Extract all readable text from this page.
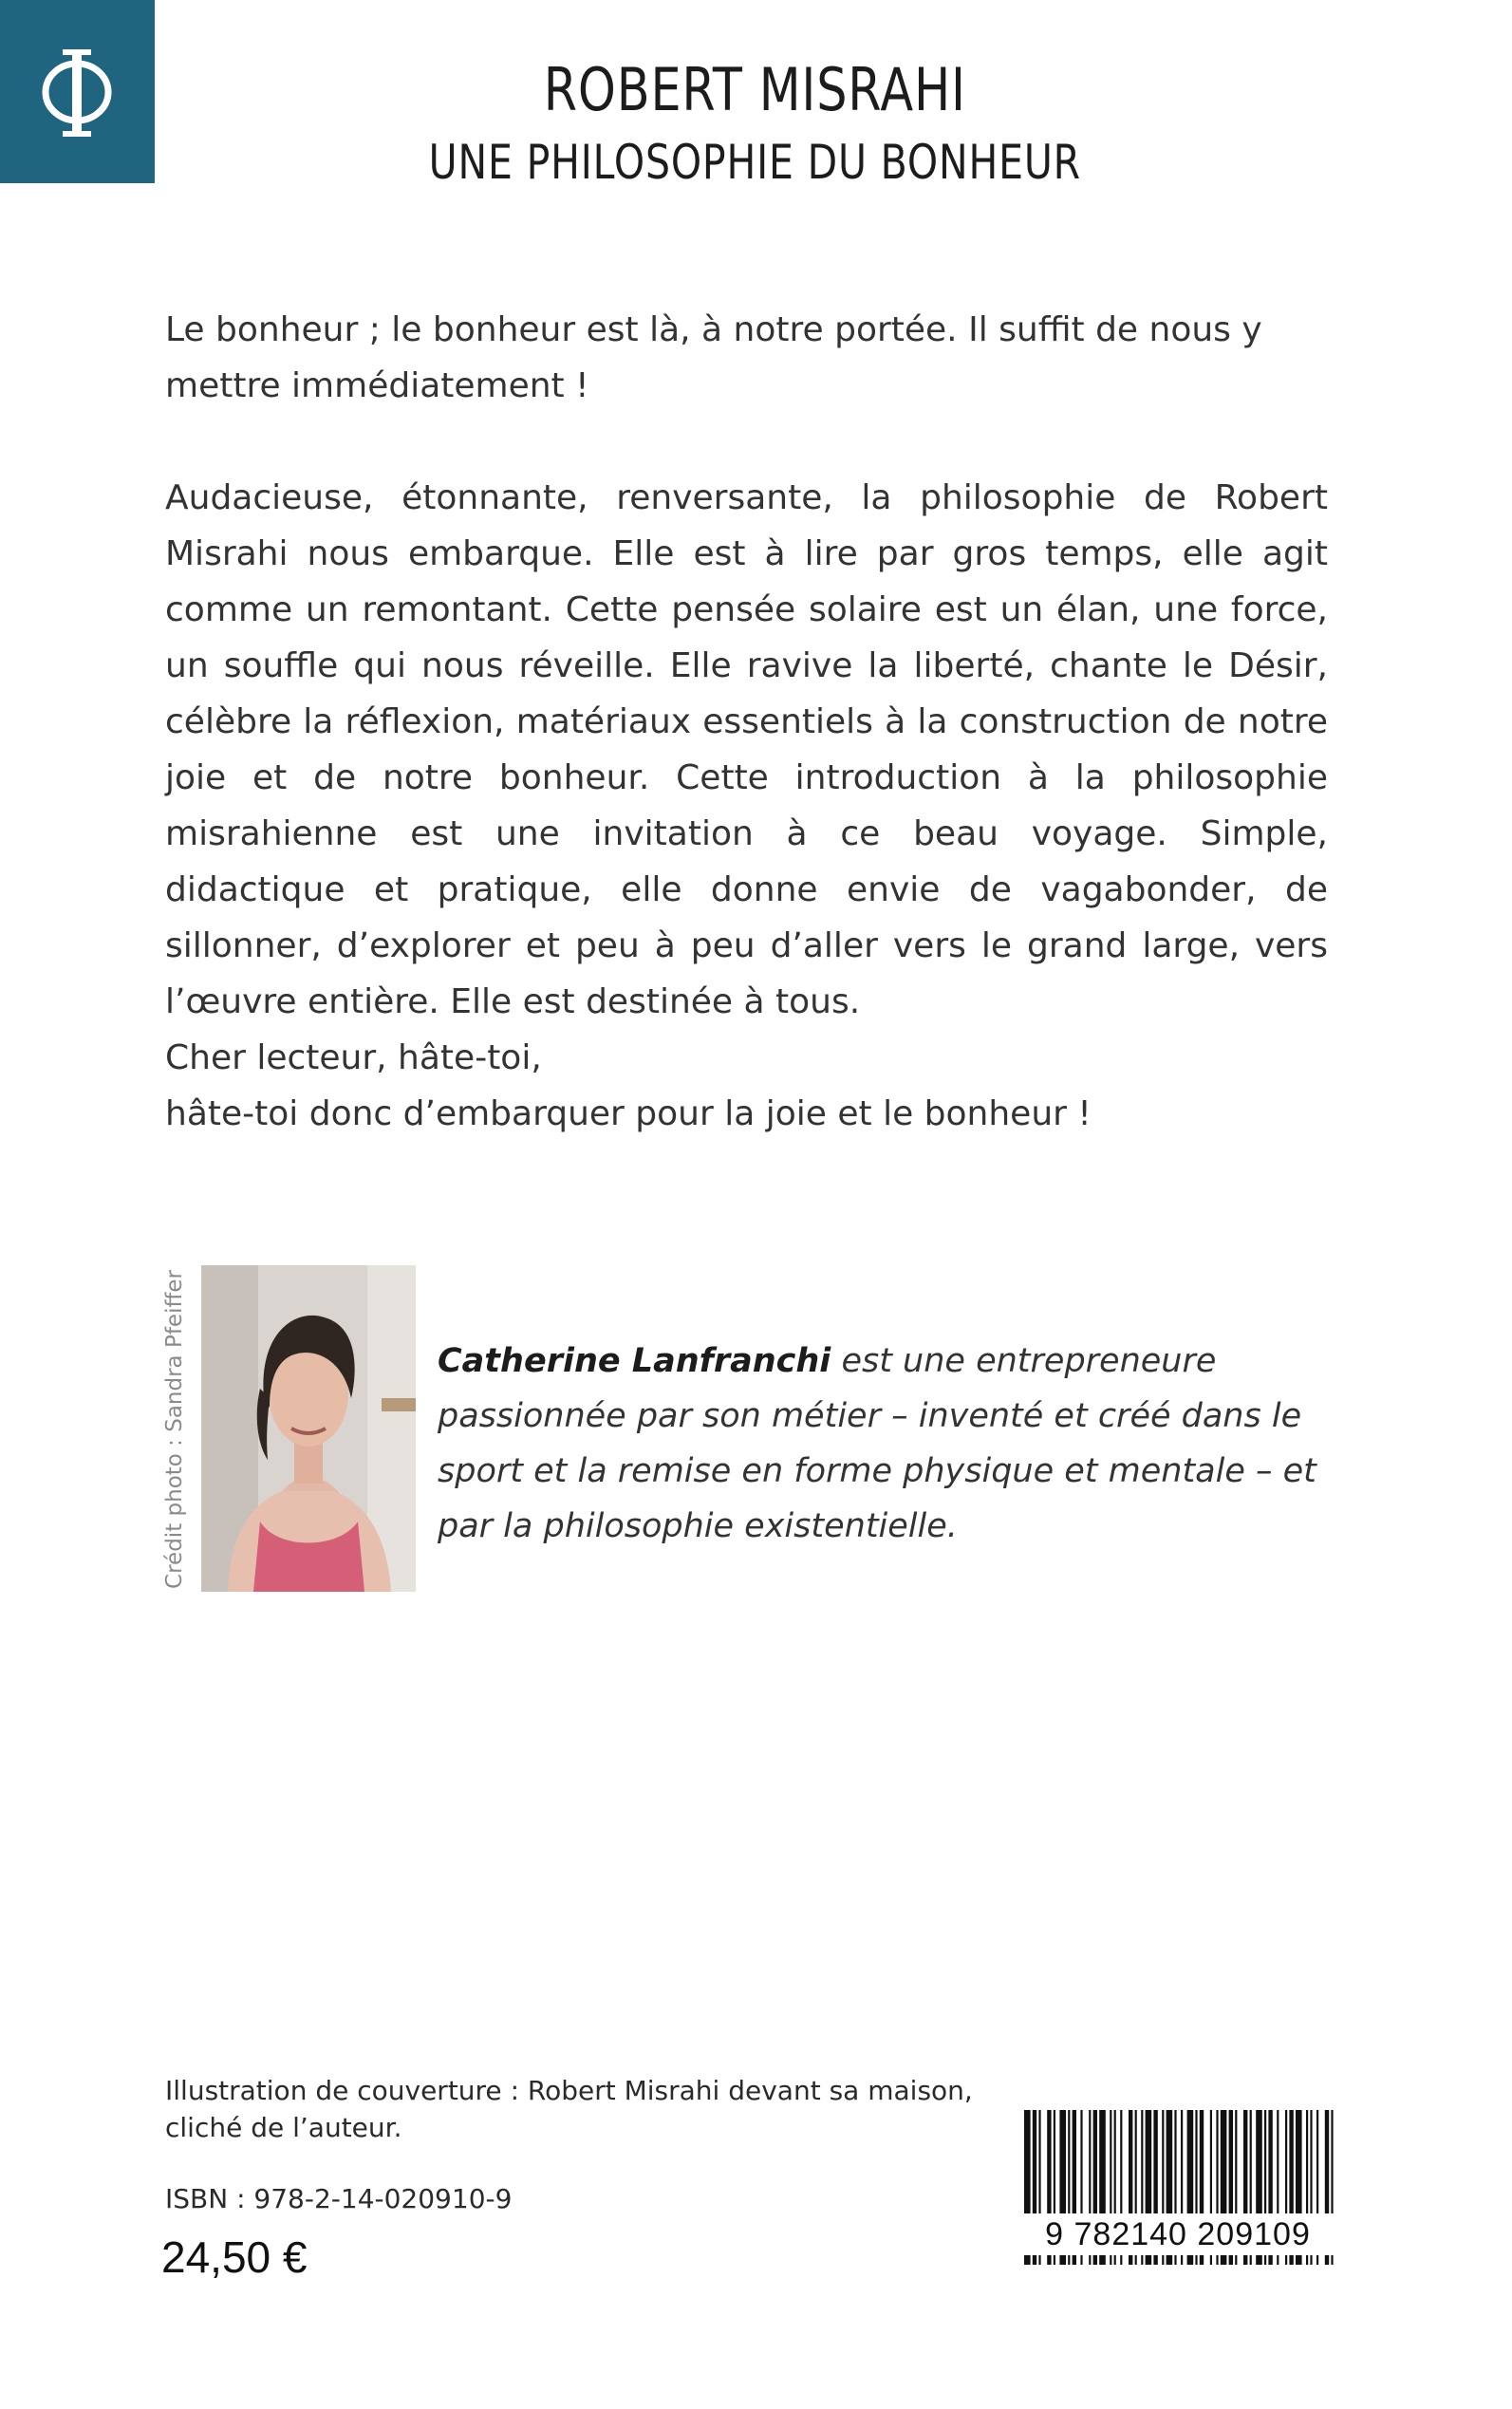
ROBERT MISRAHI
UNE PHILOSOPHIE DU BONHEUR

Le bonheur ; le bonheur est là, à notre portée. Il suffit de nous y mettre immédiatement !

Audacieuse, étonnante, renversante, la philosophie de Robert Misrahi nous embarque. Elle est à lire par gros temps, elle agit comme un remontant. Cette pensée solaire est un élan, une force, un souffle qui nous réveille. Elle ravive la liberté, chante le Désir, célèbre la réflexion, matériaux essentiels à la construction de notre joie et de notre bonheur. Cette introduction à la philosophie misrahienne est une invitation à ce beau voyage. Simple, didactique et pratique, elle donne envie de vagabonder, de sillonner, d’explorer et peu à peu d’aller vers le grand large, vers l’œuvre entière. Elle est destinée à tous.

Cher lecteur, hâte-toi,
hâte-toi donc d’embarquer pour la joie et le bonheur !

Crédit photo : Sandra Pfeiffer	Catherine Lanfranchi est une entrepreneure passionnée par son métier – inventé et créé dans le sport et la remise en forme physique et mentale – et par la philosophie existentielle.

Illustration de couverture : Robert Misrahi devant sa maison,
cliché de l’auteur.

ISBN : 978-2-14-020910-9
24,50 €	9 782140 209109
